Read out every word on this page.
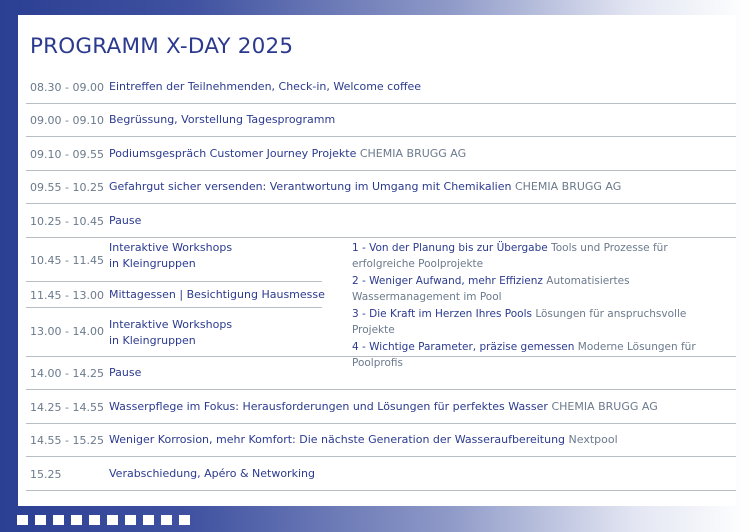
PROGRAMM X-DAY 2025
08.30 - 09.00 Eintreffen der Teilnehmenden, Check-in, Welcome coffee
09.00 - 09.10 Begrüssung, Vorstellung Tagesprogramm
09.10 - 09.55 Podiumsgespräch Customer Journey Projekte CHEMIA BRUGG AG
09.55 - 10.25 Gefahrgut sicher versenden: Verantwortung im Umgang mit Chemikalien CHEMIA BRUGG AG
10.25 - 10.45 Pause
10.45 - 11.45
Interaktive Workshops
in Kleingruppen
11.45 - 13.00 Mittagessen | Besichtigung Hausmesse
13.00 - 14.00
Interaktive Workshops
in Kleingruppen
1 - Von der Planung bis zur Übergabe Tools und Prozesse für erfolgreiche Poolprojekte
2 - Weniger Aufwand, mehr Effizienz Automatisiertes Wassermanagement im Pool
3 - Die Kraft im Herzen Ihres Pools Lösungen für anspruchsvolle Projekte
4 - Wichtige Parameter, präzise gemessen Moderne Lösungen für Poolprofis
14.00 - 14.25 Pause
14.25 - 14.55 Wasserpflege im Fokus: Herausforderungen und Lösungen für perfektes Wasser CHEMIA BRUGG AG
14.55 - 15.25 Weniger Korrosion, mehr Komfort: Die nächste Generation der Wasseraufbereitung Nextpool
15.25	Verabschiedung, Apéro & Networking
